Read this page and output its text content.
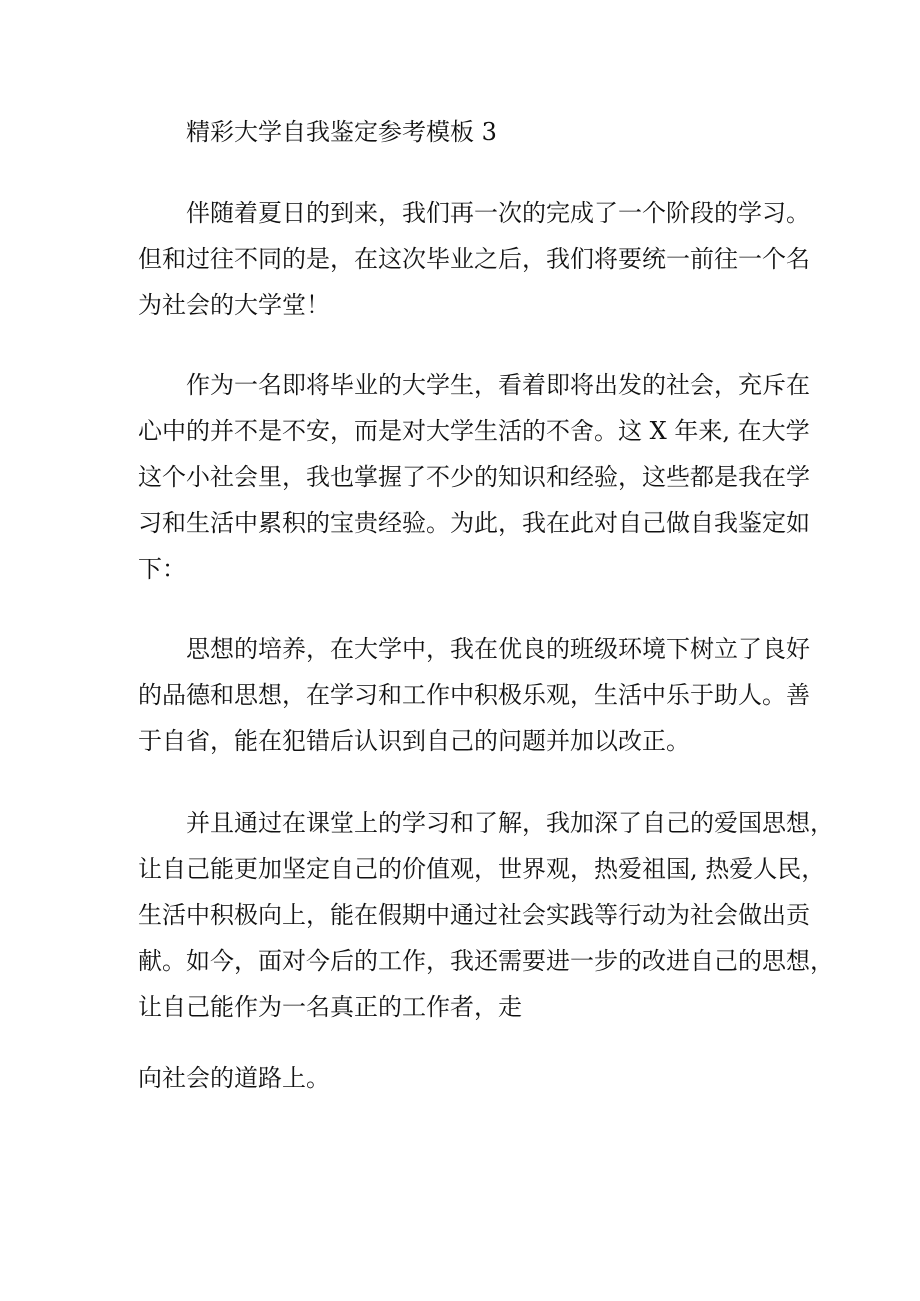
精彩大学自我鉴定参考模板 3
伴随着夏日的到来，我们再一次的完成了一个阶段的学习。
但和过往不同的是，在这次毕业之后，我们将要统一前往一个名
为社会的大学堂！
作为一名即将毕业的大学生，看着即将出发的社会，充斥在
心中的并不是不安，而是对大学生活的不舍。这 X 年来, 在大学
这个小社会里，我也掌握了不少的知识和经验，这些都是我在学
习和生活中累积的宝贵经验。为此，我在此对自己做自我鉴定如
下：
思想的培养，在大学中，我在优良的班级环境下树立了良好
的品德和思想，在学习和工作中积极乐观，生活中乐于助人。善
于自省，能在犯错后认识到自己的问题并加以改正。
并且通过在课堂上的学习和了解，我加深了自己的爱国思想，
让自己能更加坚定自己的价值观，世界观，热爱祖国, 热爱人民，
生活中积极向上，能在假期中通过社会实践等行动为社会做出贡
献。如今，面对今后的工作，我还需要进一步的改进自己的思想，
让自己能作为一名真正的工作者，走
向社会的道路上。
